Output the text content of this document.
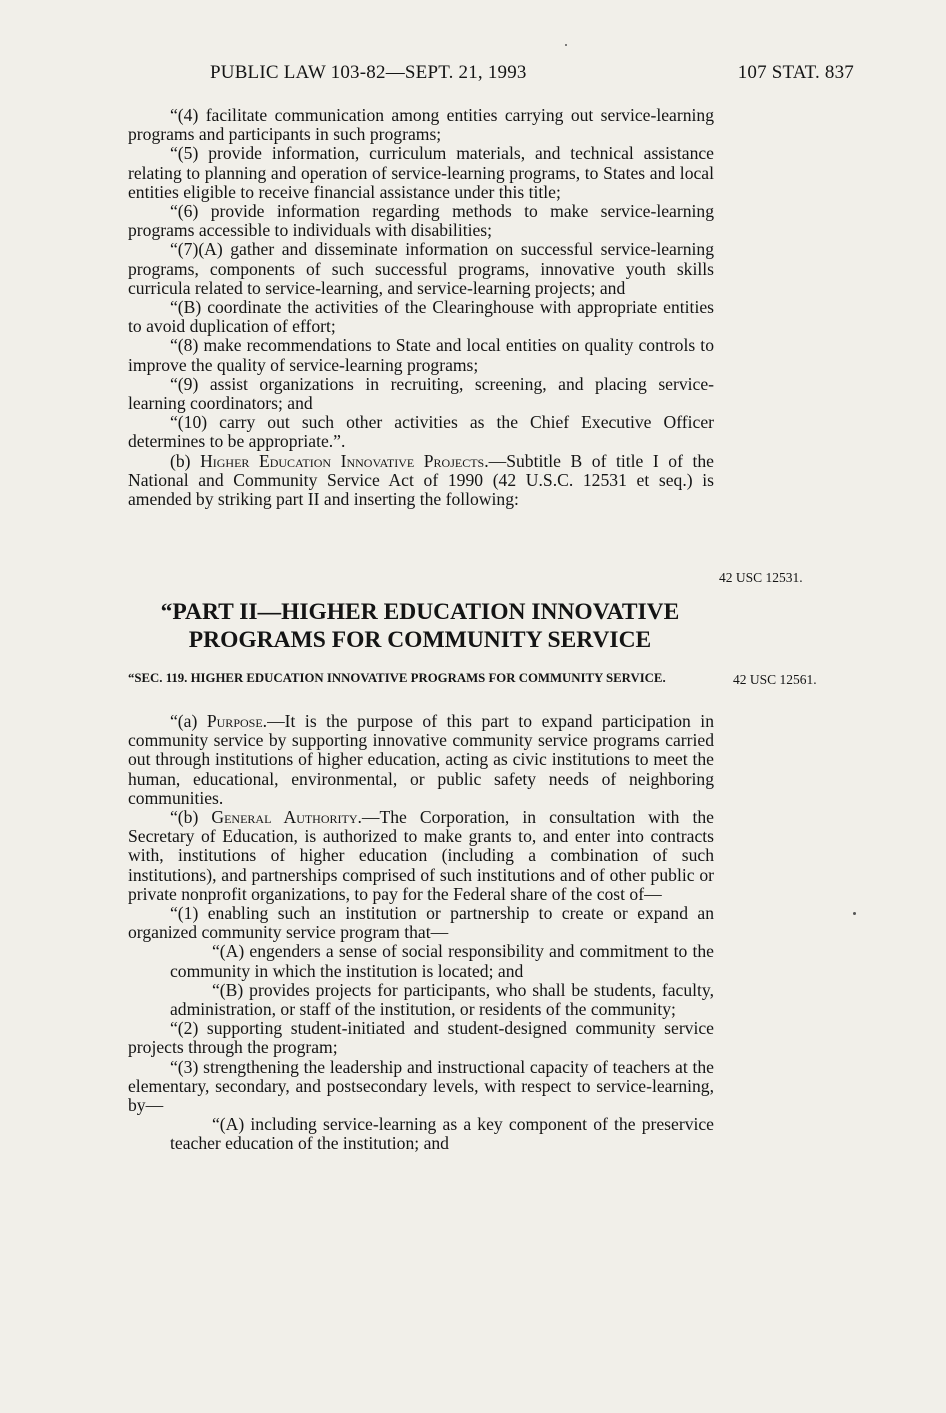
PUBLIC LAW 103-82—SEPT. 21, 1993	107 STAT. 837

“(4) facilitate communication among entities carrying out service-learning programs and participants in such programs;

“(5) provide information, curriculum materials, and technical assistance relating to planning and operation of service-learning programs, to States and local entities eligible to receive financial assistance under this title;

“(6) provide information regarding methods to make service-learning programs accessible to individuals with disabilities;

“(7)(A) gather and disseminate information on successful service-learning programs, components of such successful programs, innovative youth skills curricula related to service-learning, and service-learning projects; and

“(B) coordinate the activities of the Clearinghouse with appropriate entities to avoid duplication of effort;

“(8) make recommendations to State and local entities on quality controls to improve the quality of service-learning programs;

“(9) assist organizations in recruiting, screening, and placing service-learning coordinators; and

“(10) carry out such other activities as the Chief Executive Officer determines to be appropriate.”.

(b) Higher Education Innovative Projects.—Subtitle B of title I of the National and Community Service Act of 1990 (42 U.S.C. 12531 et seq.) is amended by striking part II and inserting the following:

42 USC 12531.
“PART II—HIGHER EDUCATION INNOVATIVE
PROGRAMS FOR COMMUNITY SERVICE
“SEC. 119. HIGHER EDUCATION INNOVATIVE PROGRAMS FOR COMMUNITY SERVICE.	42 USC 12561.

“(a) Purpose.—It is the purpose of this part to expand participation in community service by supporting innovative community service programs carried out through institutions of higher education, acting as civic institutions to meet the human, educational, environmental, or public safety needs of neighboring communities.

“(b) General Authority.—The Corporation, in consultation with the Secretary of Education, is authorized to make grants to, and enter into contracts with, institutions of higher education (including a combination of such institutions), and partnerships comprised of such institutions and of other public or private nonprofit organizations, to pay for the Federal share of the cost of—

“(1) enabling such an institution or partnership to create or expand an organized community service program that—

“(A) engenders a sense of social responsibility and commitment to the community in which the institution is located; and

“(B) provides projects for participants, who shall be students, faculty, administration, or staff of the institution, or residents of the community;

“(2) supporting student-initiated and student-designed community service projects through the program;

“(3) strengthening the leadership and instructional capacity of teachers at the elementary, secondary, and postsecondary levels, with respect to service-learning, by—

“(A) including service-learning as a key component of the preservice teacher education of the institution; and
